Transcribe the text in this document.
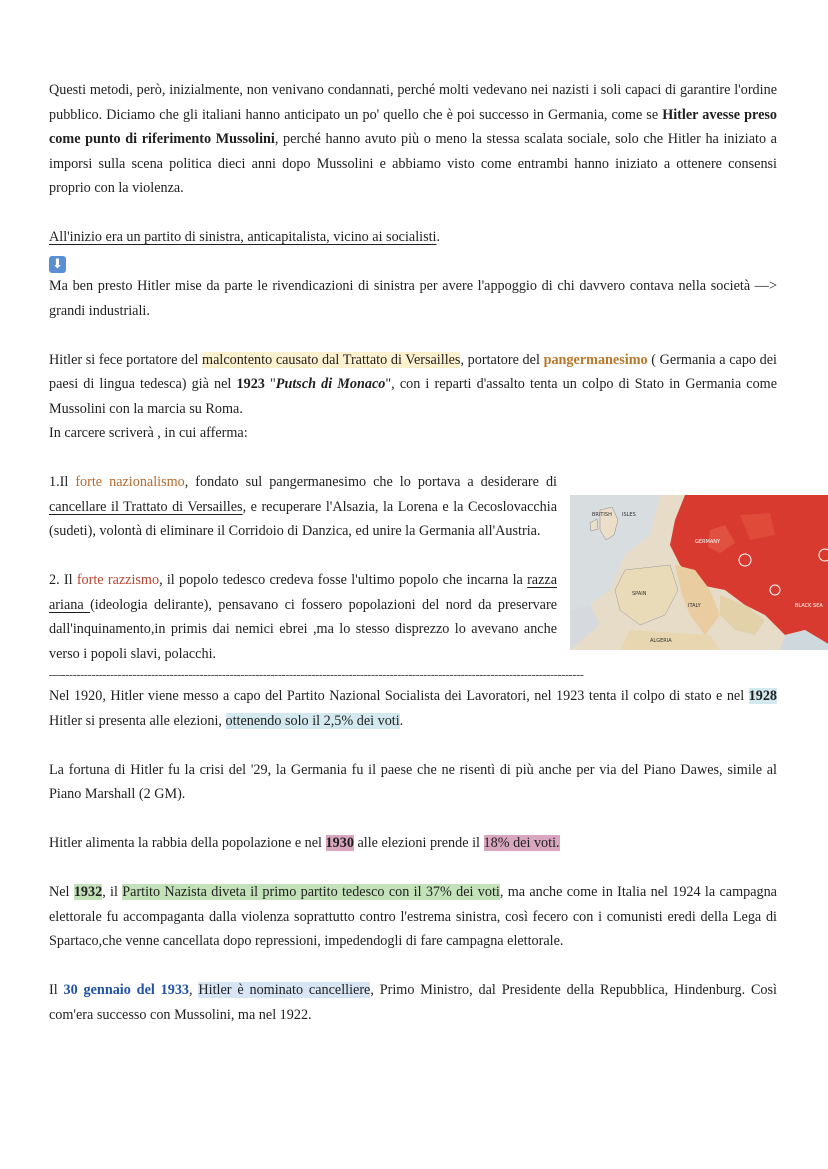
Questi metodi, però, inizialmente, non venivano condannati, perché molti vedevano nei nazisti i soli capaci di garantire l'ordine pubblico. Diciamo che gli italiani hanno anticipato un po' quello che è poi successo in Germania, come se Hitler avesse preso come punto di riferimento Mussolini, perché hanno avuto più o meno la stessa scalata sociale, solo che Hitler ha iniziato a imporsi sulla scena politica dieci anni dopo Mussolini e abbiamo visto come entrambi hanno iniziato a ottenere consensi proprio con la violenza.

All'inizio era un partito di sinistra, anticapitalista, vicino ai socialisti.

⬇

Ma ben presto Hitler mise da parte le rivendicazioni di sinistra per avere l'appoggio di chi davvero contava nella società —> grandi industriali.

Hitler si fece portatore del malcontento causato dal Trattato di Versailles, portatore del pangermanesimo ( Germania a capo dei paesi di lingua tedesca) già nel 1923 "Putsch di Monaco", con i reparti d'assalto tenta un colpo di Stato in Germania come Mussolini con la marcia su Roma.

In carcere scriverà , in cui afferma:

1.Il forte nazionalismo, fondato sul pangermanesimo che lo portava a desiderare di cancellare il Trattato di Versailles, e recuperare l'Alsazia, la Lorena e la Cecoslovacchia (sudeti), volontà di eliminare il Corridoio di Danzica, ed unire la Germania all'Austria.

2. Il forte razzismo, il popolo tedesco credeva fosse l'ultimo popolo che incarna la razza ariana (ideologia delirante), pensavano ci fossero popolazioni del nord da preservare dall'inquinamento,in primis dai nemici ebrei ,ma lo stesso disprezzo lo avevano anche verso i popoli slavi, polacchi.

BRITISH ISLES
GERMANY
ITALY
ALGERIA
BLACK SEA
SPAIN
—--------------------------------------------------------------------------------------------------------------------------------------------

Nel 1920, Hitler viene messo a capo del Partito Nazional Socialista dei Lavoratori, nel 1923 tenta il colpo di stato e nel 1928 Hitler si presenta alle elezioni, ottenendo solo il 2,5% dei voti.

La fortuna di Hitler fu la crisi del '29, la Germania fu il paese che ne risentì di più anche per via del Piano Dawes, simile al Piano Marshall (2 GM).

Hitler alimenta la rabbia della popolazione e nel 1930 alle elezioni prende il 18% dei voti.

Nel 1932, il Partito Nazista diveta il primo partito tedesco con il 37% dei voti, ma anche come in Italia nel 1924 la campagna elettorale fu accompaganta dalla violenza soprattutto contro l'estrema sinistra, così fecero con i comunisti eredi della Lega di Spartaco,che venne cancellata dopo repressioni, impedendogli di fare campagna elettorale.

Il 30 gennaio del 1933, Hitler è nominato cancelliere, Primo Ministro, dal Presidente della Repubblica, Hindenburg. Così com'era successo con Mussolini, ma nel 1922.
